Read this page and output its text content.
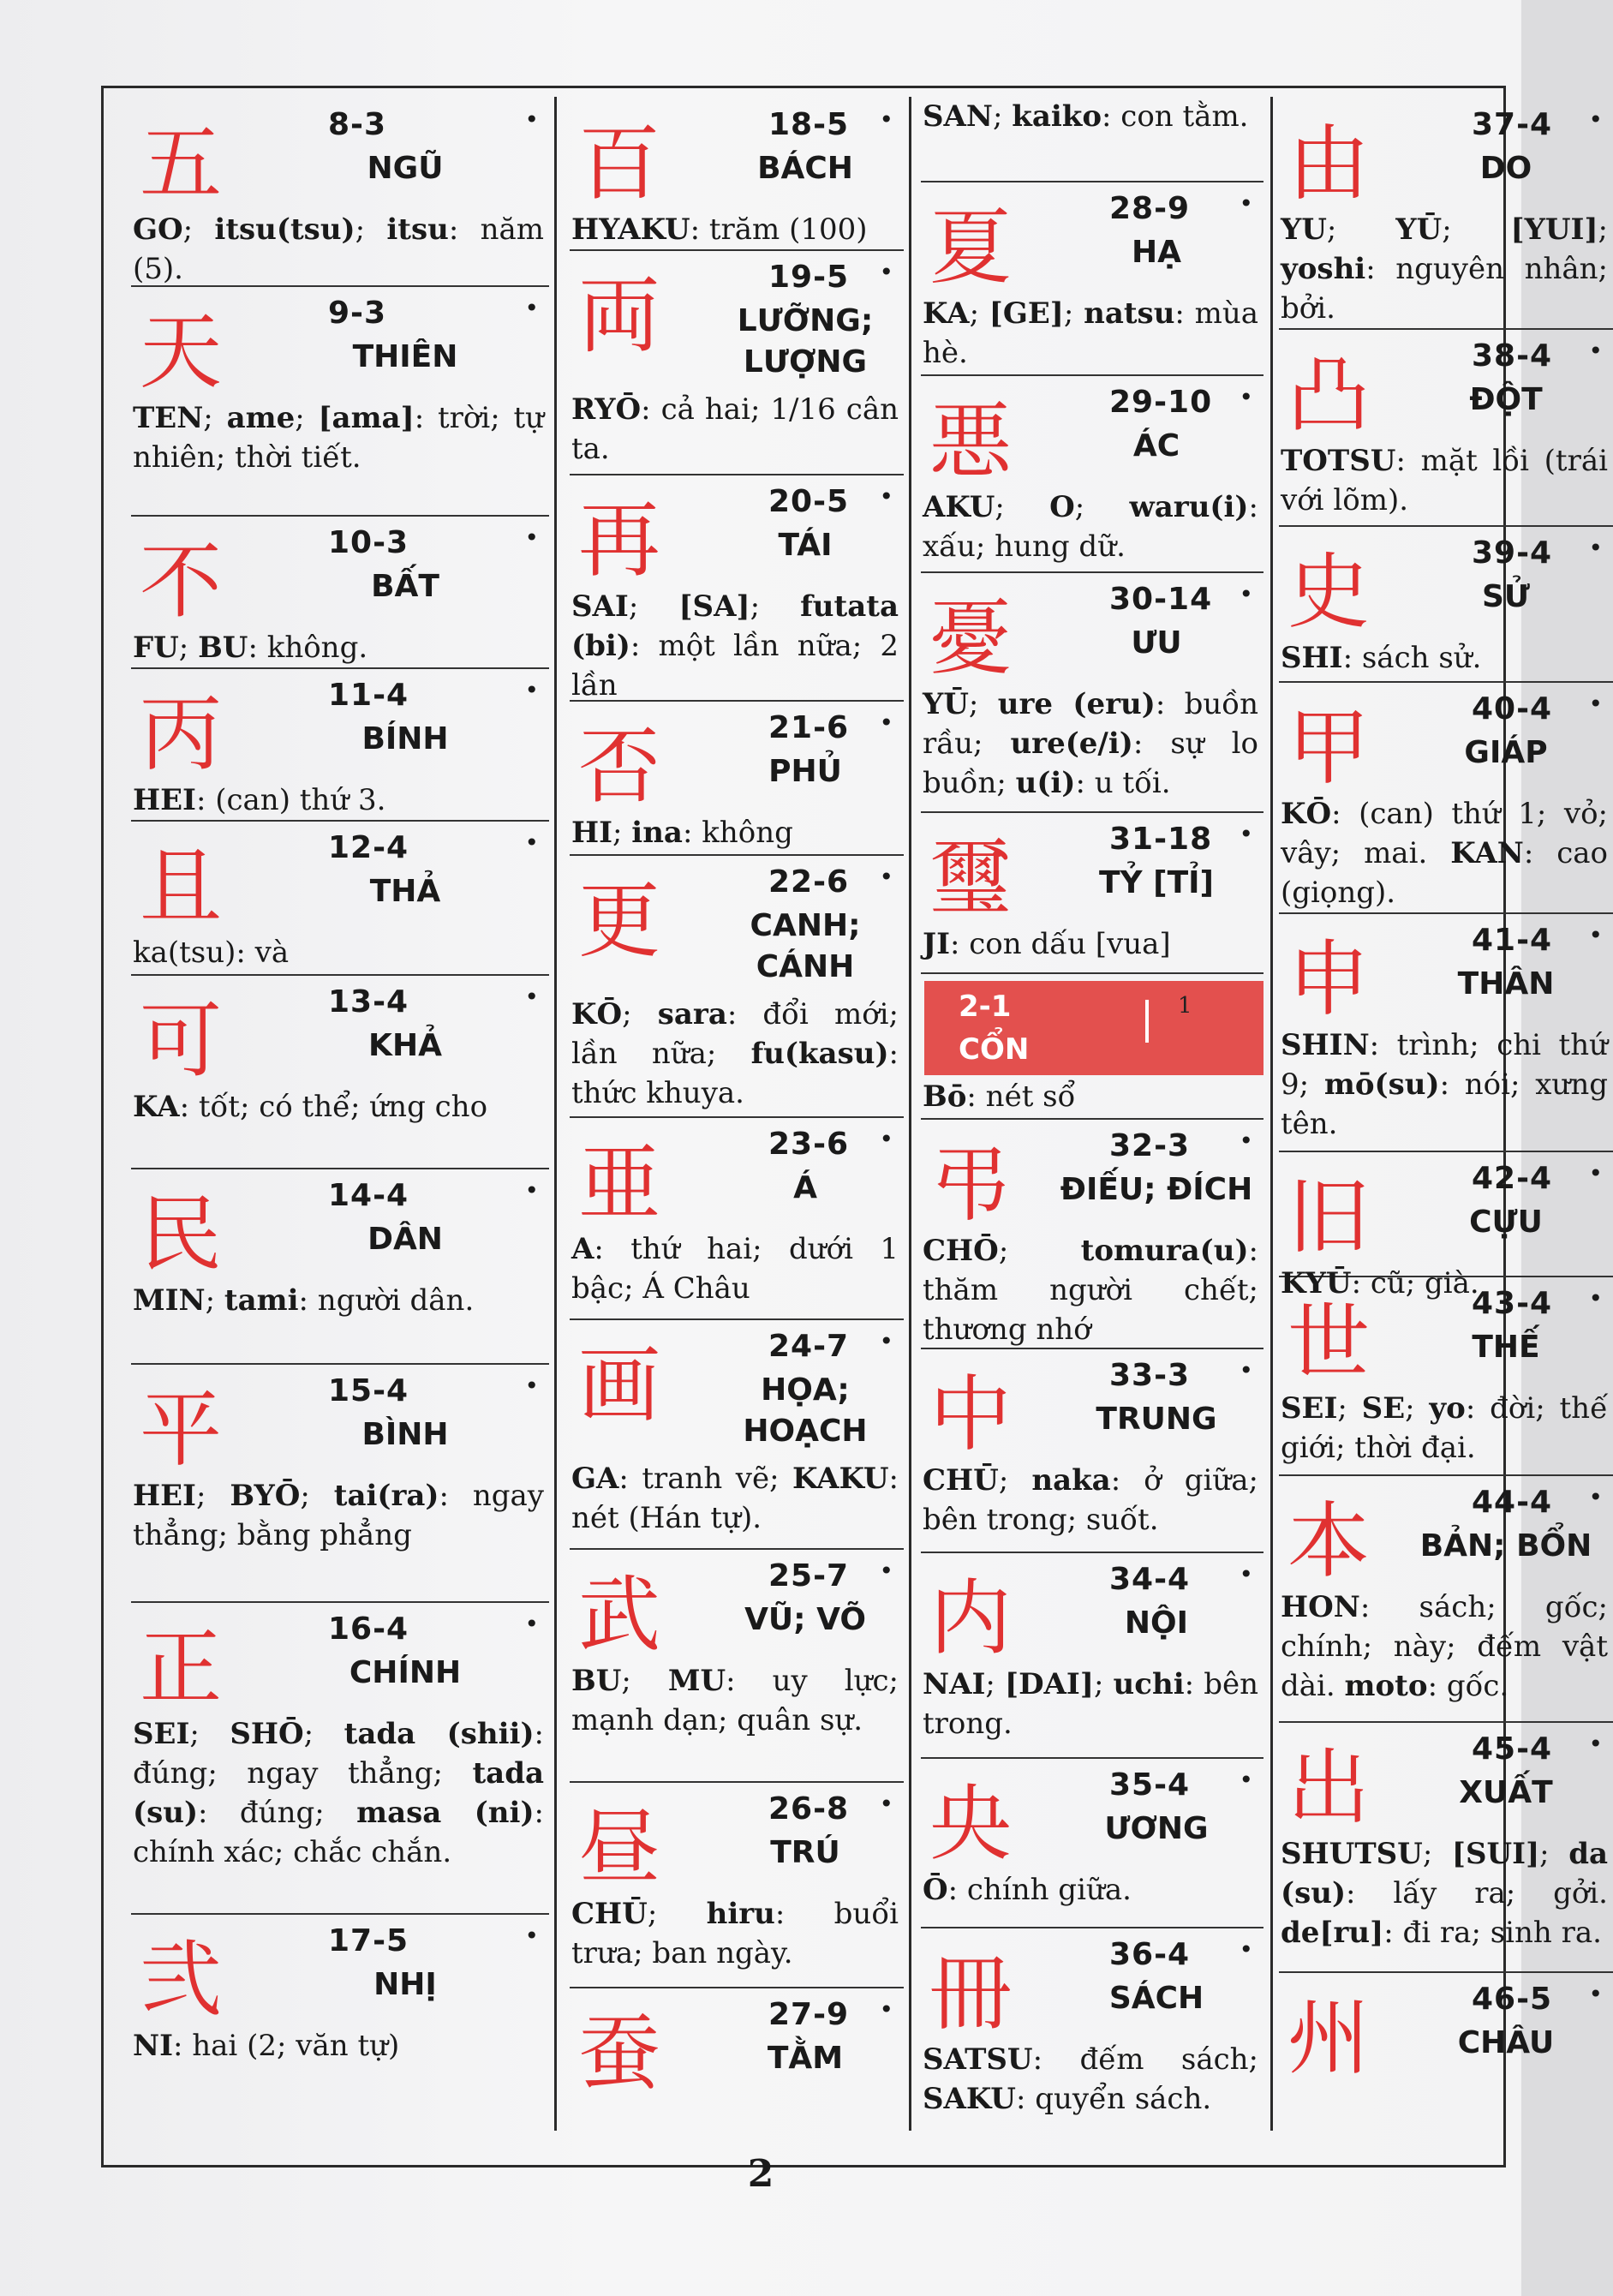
五	8-3	•
NGŨ
GO; itsu(tsu); itsu: năm (5).
天	9-3	•
THIÊN
TEN; ame; [ama]: trời; tự nhiên; thời tiết.
不	10-3	•
BẤT
FU; BU: không.
丙	11-4	•
BÍNH
HEI: (can) thứ 3.
且	12-4	•
THẢ
ka(tsu): và
可	13-4	•
KHẢ
KA: tốt; có thể; ứng cho
民	14-4	•
DÂN
MIN; tami: người dân.
平	15-4	•
BÌNH
HEI; BYŌ; tai(ra): ngay thẳng; bằng phẳng
正	16-4	•
CHÍNH
SEI; SHŌ; tada (shii): đúng; ngay thẳng; tada (su): đúng; masa (ni): chính xác; chắc chắn.
弐	17-5	•
NHỊ
NI: hai (2; văn tự)
百	18-5 •
BÁCH
HYAKU: trăm (100)
両	19-5 •
LƯỠNG;
LƯỢNG
RYŌ: cả hai; 1/16 cân ta.
再	20-5 •
TÁI
SAI; [SA]; futata (bi): một lần nữa; 2 lần
否	21-6 •
PHỦ
HI; ina: không
更	22-6 •
CANH;
CÁNH
KŌ; sara: đổi mới; lần nữa; fu(kasu): thức khuya.
亜	23-6 •
Á
A: thứ hai; dưới 1 bậc; Á Châu
画	24-7 •
HỌA;
HOẠCH
GA: tranh vẽ; KAKU: nét (Hán tự).
武	25-7 •
VŨ; VÕ
BU; MU: uy lực; mạnh dạn; quân sự.
昼	26-8 •
TRÚ
CHŪ; hiru: buổi trưa; ban ngày.
蚕	27-9 •
TẰM
SAN; kaiko: con tằm.
夏	28-9 •
HẠ
KA; [GE]; natsu: mùa hè.
悪	29-10 •
ÁC
AKU; O; waru(i): xấu; hung dữ.
憂	30-14 •
ƯU
YŪ; ure (eru): buồn rầu; ure(e/i): sự lo buồn; u(i): u tối.
璽	31-18 •
TỶ [TỈ]
JI: con dấu [vua]
2-1
CỔN
1
Bō: nét sổ
弔	32-3 •
ĐIẾU; ĐÍCH
CHŌ; tomura(u): thăm người chết; thương nhớ
中	33-3 •
TRUNG
CHŪ; naka: ở giữa; bên trong; suốt.
内	34-4 •
NỘI
NAI; [DAI]; uchi: bên trong.
央	35-4 •
ƯƠNG
Ō: chính giữa.
冊	36-4 •
SÁCH
SATSU: đếm sách; SAKU: quyển sách.
由	37-4 •
DO
YU; YŪ; [YUI]; yoshi: nguyên nhân; bởi.
凸	38-4 •
ĐỘT
TOTSU: mặt lồi (trái với lõm).
史	39-4 •
SỬ
SHI: sách sử.
甲	40-4 •
GIÁP
KŌ: (can) thứ 1; vỏ; vây; mai. KAN: cao (giọng).
申	41-4 •
THÂN
SHIN: trình; chi thứ 9; mō(su): nói; xưng tên.
旧	42-4 •
CỰU
KYŪ: cũ; già.
世	43-4 •
THẾ
SEI; SE; yo: đời; thế giới; thời đại.
本	44-4 •
BẢN; BỔN
HON: sách; gốc; chính; này; đếm vật dài. moto: gốc.
出	45-4 •
XUẤT
SHUTSU; [SUI]; da (su): lấy ra; gởi. de[ru]: đi ra; sinh ra.
州	46-5 •
CHÂU
2
